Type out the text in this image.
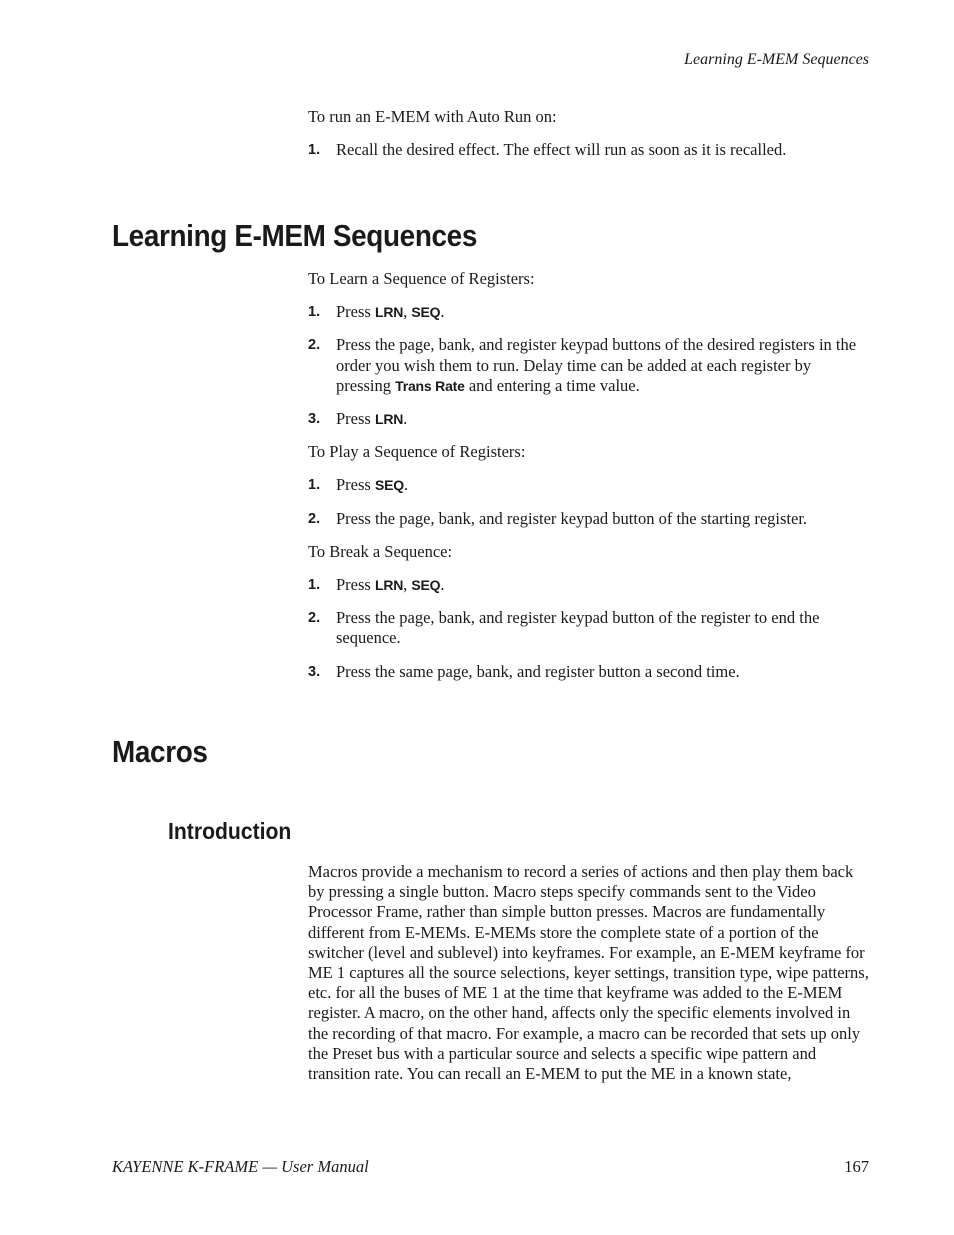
Learning E-MEM Sequences

To run an E-MEM with Auto Run on:

1. Recall the desired effect. The effect will run as soon as it is recalled.
Learning E-MEM Sequences

To Learn a Sequence of Registers:

1. Press LRN, SEQ.
2. Press the page, bank, and register keypad buttons of the desired registers in the order you wish them to run. Delay time can be added at each register by pressing Trans Rate and entering a time value.
3. Press LRN.

To Play a Sequence of Registers:

1. Press SEQ.
2. Press the page, bank, and register keypad button of the starting register.

To Break a Sequence:

1. Press LRN, SEQ.
2. Press the page, bank, and register keypad button of the register to end the sequence.
3. Press the same page, bank, and register button a second time.
Macros
Introduction

Macros provide a mechanism to record a series of actions and then play them back by pressing a single button. Macro steps specify commands sent to the Video Processor Frame, rather than simple button presses. Macros are fundamentally different from E-MEMs. E-MEMs store the complete state of a portion of the switcher (level and sublevel) into keyframes. For example, an E-MEM keyframe for ME 1 captures all the source selections, keyer settings, transition type, wipe patterns, etc. for all the buses of ME 1 at the time that keyframe was added to the E-MEM register. A macro, on the other hand, affects only the specific elements involved in the recording of that macro. For example, a macro can be recorded that sets up only the Preset bus with a particular source and selects a specific wipe pattern and transition rate. You can recall an E-MEM to put the ME in a known state,

KAYENNE K-FRAME — User Manual	167
